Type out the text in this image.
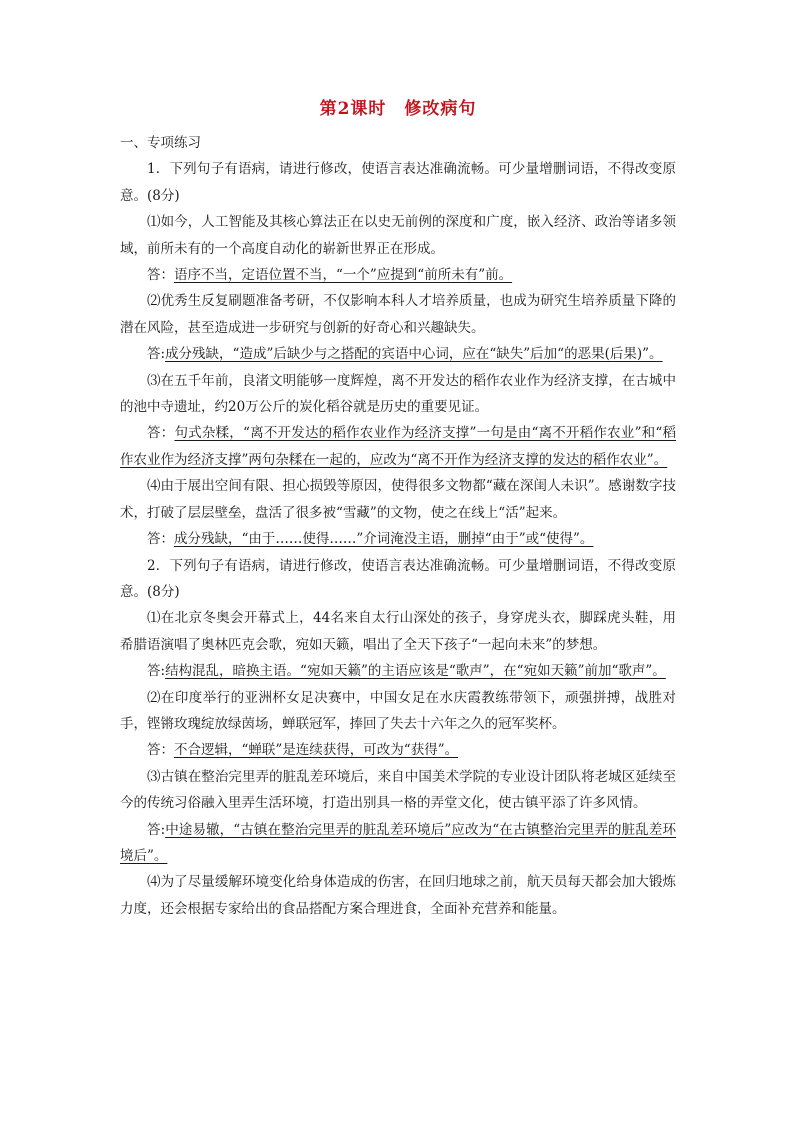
第2课时 修改病句

一、专项练习

1．下列句子有语病，请进行修改，使语言表达准确流畅。可少量增删词语，不得改变原意。(8分)

⑴如今，人工智能及其核心算法正在以史无前例的深度和广度，嵌入经济、政治等诸多领域，前所未有的一个高度自动化的崭新世界正在形成。

答：语序不当，定语位置不当，“一个”应提到“前所未有”前。

⑵优秀生反复刷题准备考研，不仅影响本科人才培养质量，也成为研究生培养质量下降的潜在风险，甚至造成进一步研究与创新的好奇心和兴趣缺失。

答:成分残缺，“造成”后缺少与之搭配的宾语中心词，应在“缺失”后加“的恶果(后果)”。

⑶在五千年前，良渚文明能够一度辉煌，离不开发达的稻作农业作为经济支撑，在古城中的池中寺遗址，约20万公斤的炭化稻谷就是历史的重要见证。

答：句式杂糅，“离不开发达的稻作农业作为经济支撑”一句是由“离不开稻作农业”和“稻作农业作为经济支撑”两句杂糅在一起的，应改为“离不开作为经济支撑的发达的稻作农业”。

⑷由于展出空间有限、担心损毁等原因，使得很多文物都“藏在深闺人未识”。感谢数字技术，打破了层层壁垒，盘活了很多被“雪藏”的文物，使之在线上“活”起来。

答：成分残缺，“由于……使得……”介词淹没主语，删掉“由于”或“使得”。

2．下列句子有语病，请进行修改，使语言表达准确流畅。可少量增删词语，不得改变原意。(8分)

⑴在北京冬奥会开幕式上，44名来自太行山深处的孩子，身穿虎头衣，脚踩虎头鞋，用希腊语演唱了奥林匹克会歌，宛如天籁，唱出了全天下孩子“一起向未来”的梦想。

答:结构混乱，暗换主语。“宛如天籁”的主语应该是“歌声”，在“宛如天籁”前加“歌声”。

⑵在印度举行的亚洲杯女足决赛中，中国女足在水庆霞教练带领下，顽强拼搏，战胜对手，铿锵玫瑰绽放绿茵场，蝉联冠军，捧回了失去十六年之久的冠军奖杯。

答：不合逻辑，“蝉联”是连续获得，可改为“获得”。

⑶古镇在整治完里弄的脏乱差环境后，来自中国美术学院的专业设计团队将老城区延续至今的传统习俗融入里弄生活环境，打造出别具一格的弄堂文化，使古镇平添了许多风情。

答:中途易辙，“古镇在整治完里弄的脏乱差环境后”应改为“在古镇整治完里弄的脏乱差环境后”。

⑷为了尽量缓解环境变化给身体造成的伤害，在回归地球之前，航天员每天都会加大锻炼力度，还会根据专家给出的食品搭配方案合理进食，全面补充营养和能量。
